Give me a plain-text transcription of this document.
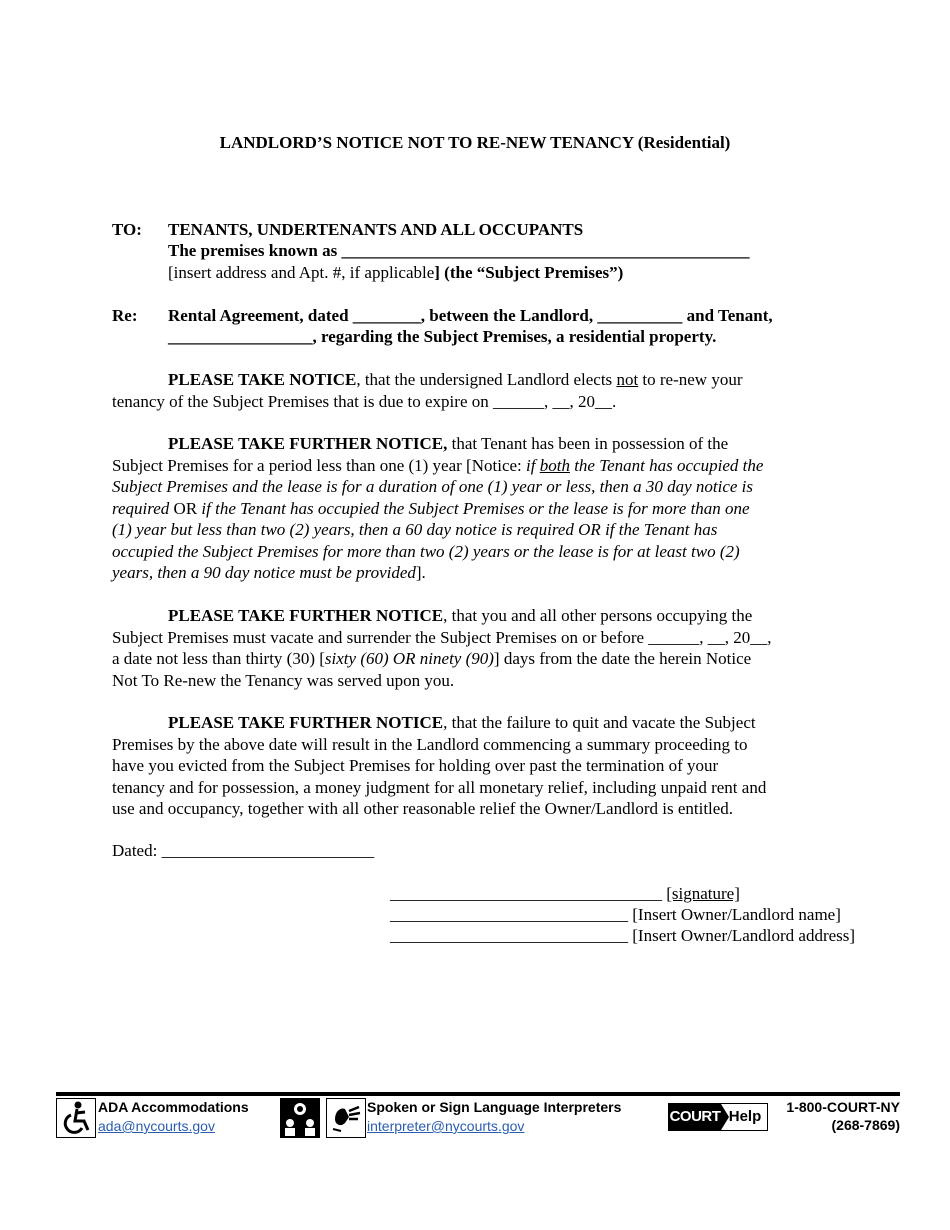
LANDLORD’S NOTICE NOT TO RE-NEW TENANCY (Residential)
TO: TENANTS, UNDERTENANTS AND ALL OCCUPANTS
The premises known as ________________________________________________
[insert address and Apt. #, if applicable] (the “Subject Premises”)
Re: Rental Agreement, dated ________, between the Landlord, __________ and Tenant,
_________________, regarding the Subject Premises, a residential property.
PLEASE TAKE NOTICE, that the undersigned Landlord elects not to re-new your
tenancy of the Subject Premises that is due to expire on ______, __, 20__.
PLEASE TAKE FURTHER NOTICE, that Tenant has been in possession of the
Subject Premises for a period less than one (1) year [Notice: if both the Tenant has occupied the
Subject Premises and the lease is for a duration of one (1) year or less, then a 30 day notice is
required OR if the Tenant has occupied the Subject Premises or the lease is for more than one
(1) year but less than two (2) years, then a 60 day notice is required OR if the Tenant has
occupied the Subject Premises for more than two (2) years or the lease is for at least two (2)
years, then a 90 day notice must be provided].
PLEASE TAKE FURTHER NOTICE, that you and all other persons occupying the
Subject Premises must vacate and surrender the Subject Premises on or before ______, __, 20__,
a date not less than thirty (30) [sixty (60) OR ninety (90)] days from the date the herein Notice
Not To Re-new the Tenancy was served upon you.
PLEASE TAKE FURTHER NOTICE, that the failure to quit and vacate the Subject
Premises by the above date will result in the Landlord commencing a summary proceeding to
have you evicted from the Subject Premises for holding over past the termination of your
tenancy and for possession, a money judgment for all monetary relief, including unpaid rent and
use and occupancy, together with all other reasonable relief the Owner/Landlord is entitled.
Dated: _________________________
________________________________ [signature]
____________________________ [Insert Owner/Landlord name]
____________________________ [Insert Owner/Landlord address]
ADA Accommodations
ada@nycourts.gov
Spoken or Sign Language Interpreters
interpreter@nycourts.gov
COURT Help
1-800-COURT-NY
(268-7869)
